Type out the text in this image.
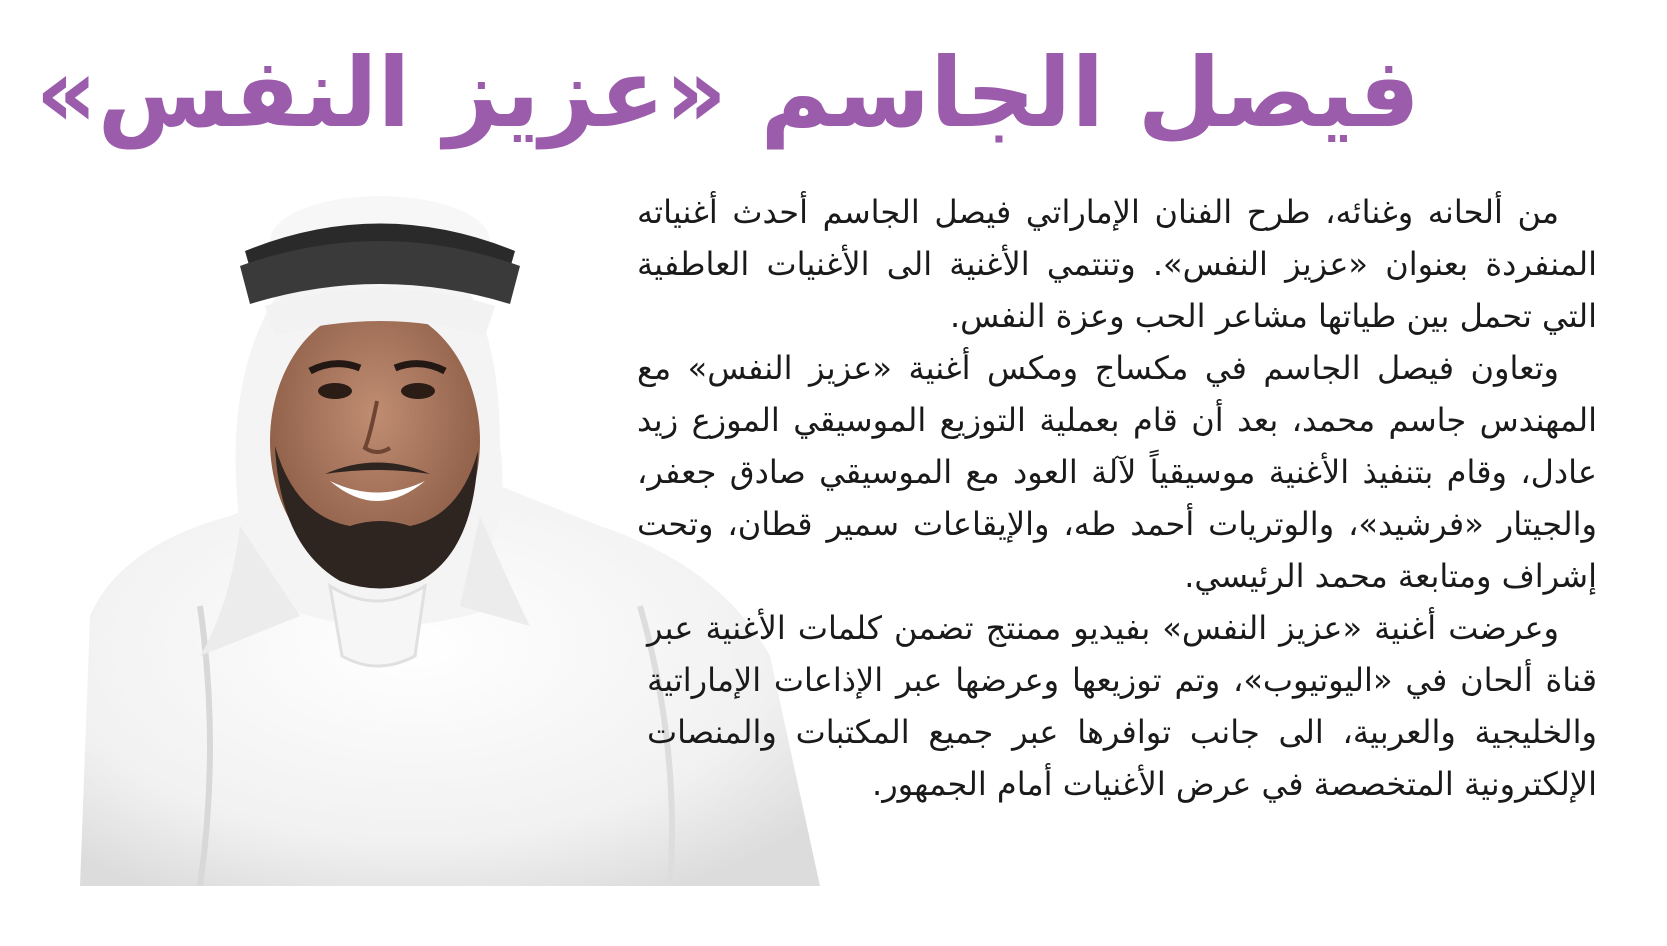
فيصل الجاسم «عزيز النفس»

من ألحانه وغنائه، طرح الفنان الإماراتي فيصل الجاسم أحدث أغنياته المنفردة بعنوان «عزيز النفس». وتنتمي الأغنية الى الأغنيات العاطفية التي تحمل بين طياتها مشاعر الحب وعزة النفس.

وتعاون فيصل الجاسم في مكساج ومكس أغنية «عزيز النفس» مع المهندس جاسم محمد، بعد أن قام بعملية التوزيع الموسيقي الموزع زيد عادل، وقام بتنفيذ الأغنية موسيقياً لآلة العود مع الموسيقي صادق جعفر، والجيتار «فرشيد»، والوتريات أحمد طه، والإيقاعات سمير قطان، وتحت إشراف ومتابعة محمد الرئيسي.

وعرضت أغنية «عزيز النفس» بفيديو ممنتج تضمن كلمات الأغنية عبر قناة ألحان في «اليوتيوب»، وتم توزيعها وعرضها عبر الإذاعات الإماراتية والخليجية والعربية، الى جانب توافرها عبر جميع المكتبات والمنصات الإلكترونية المتخصصة في عرض الأغنيات أمام الجمهور.
